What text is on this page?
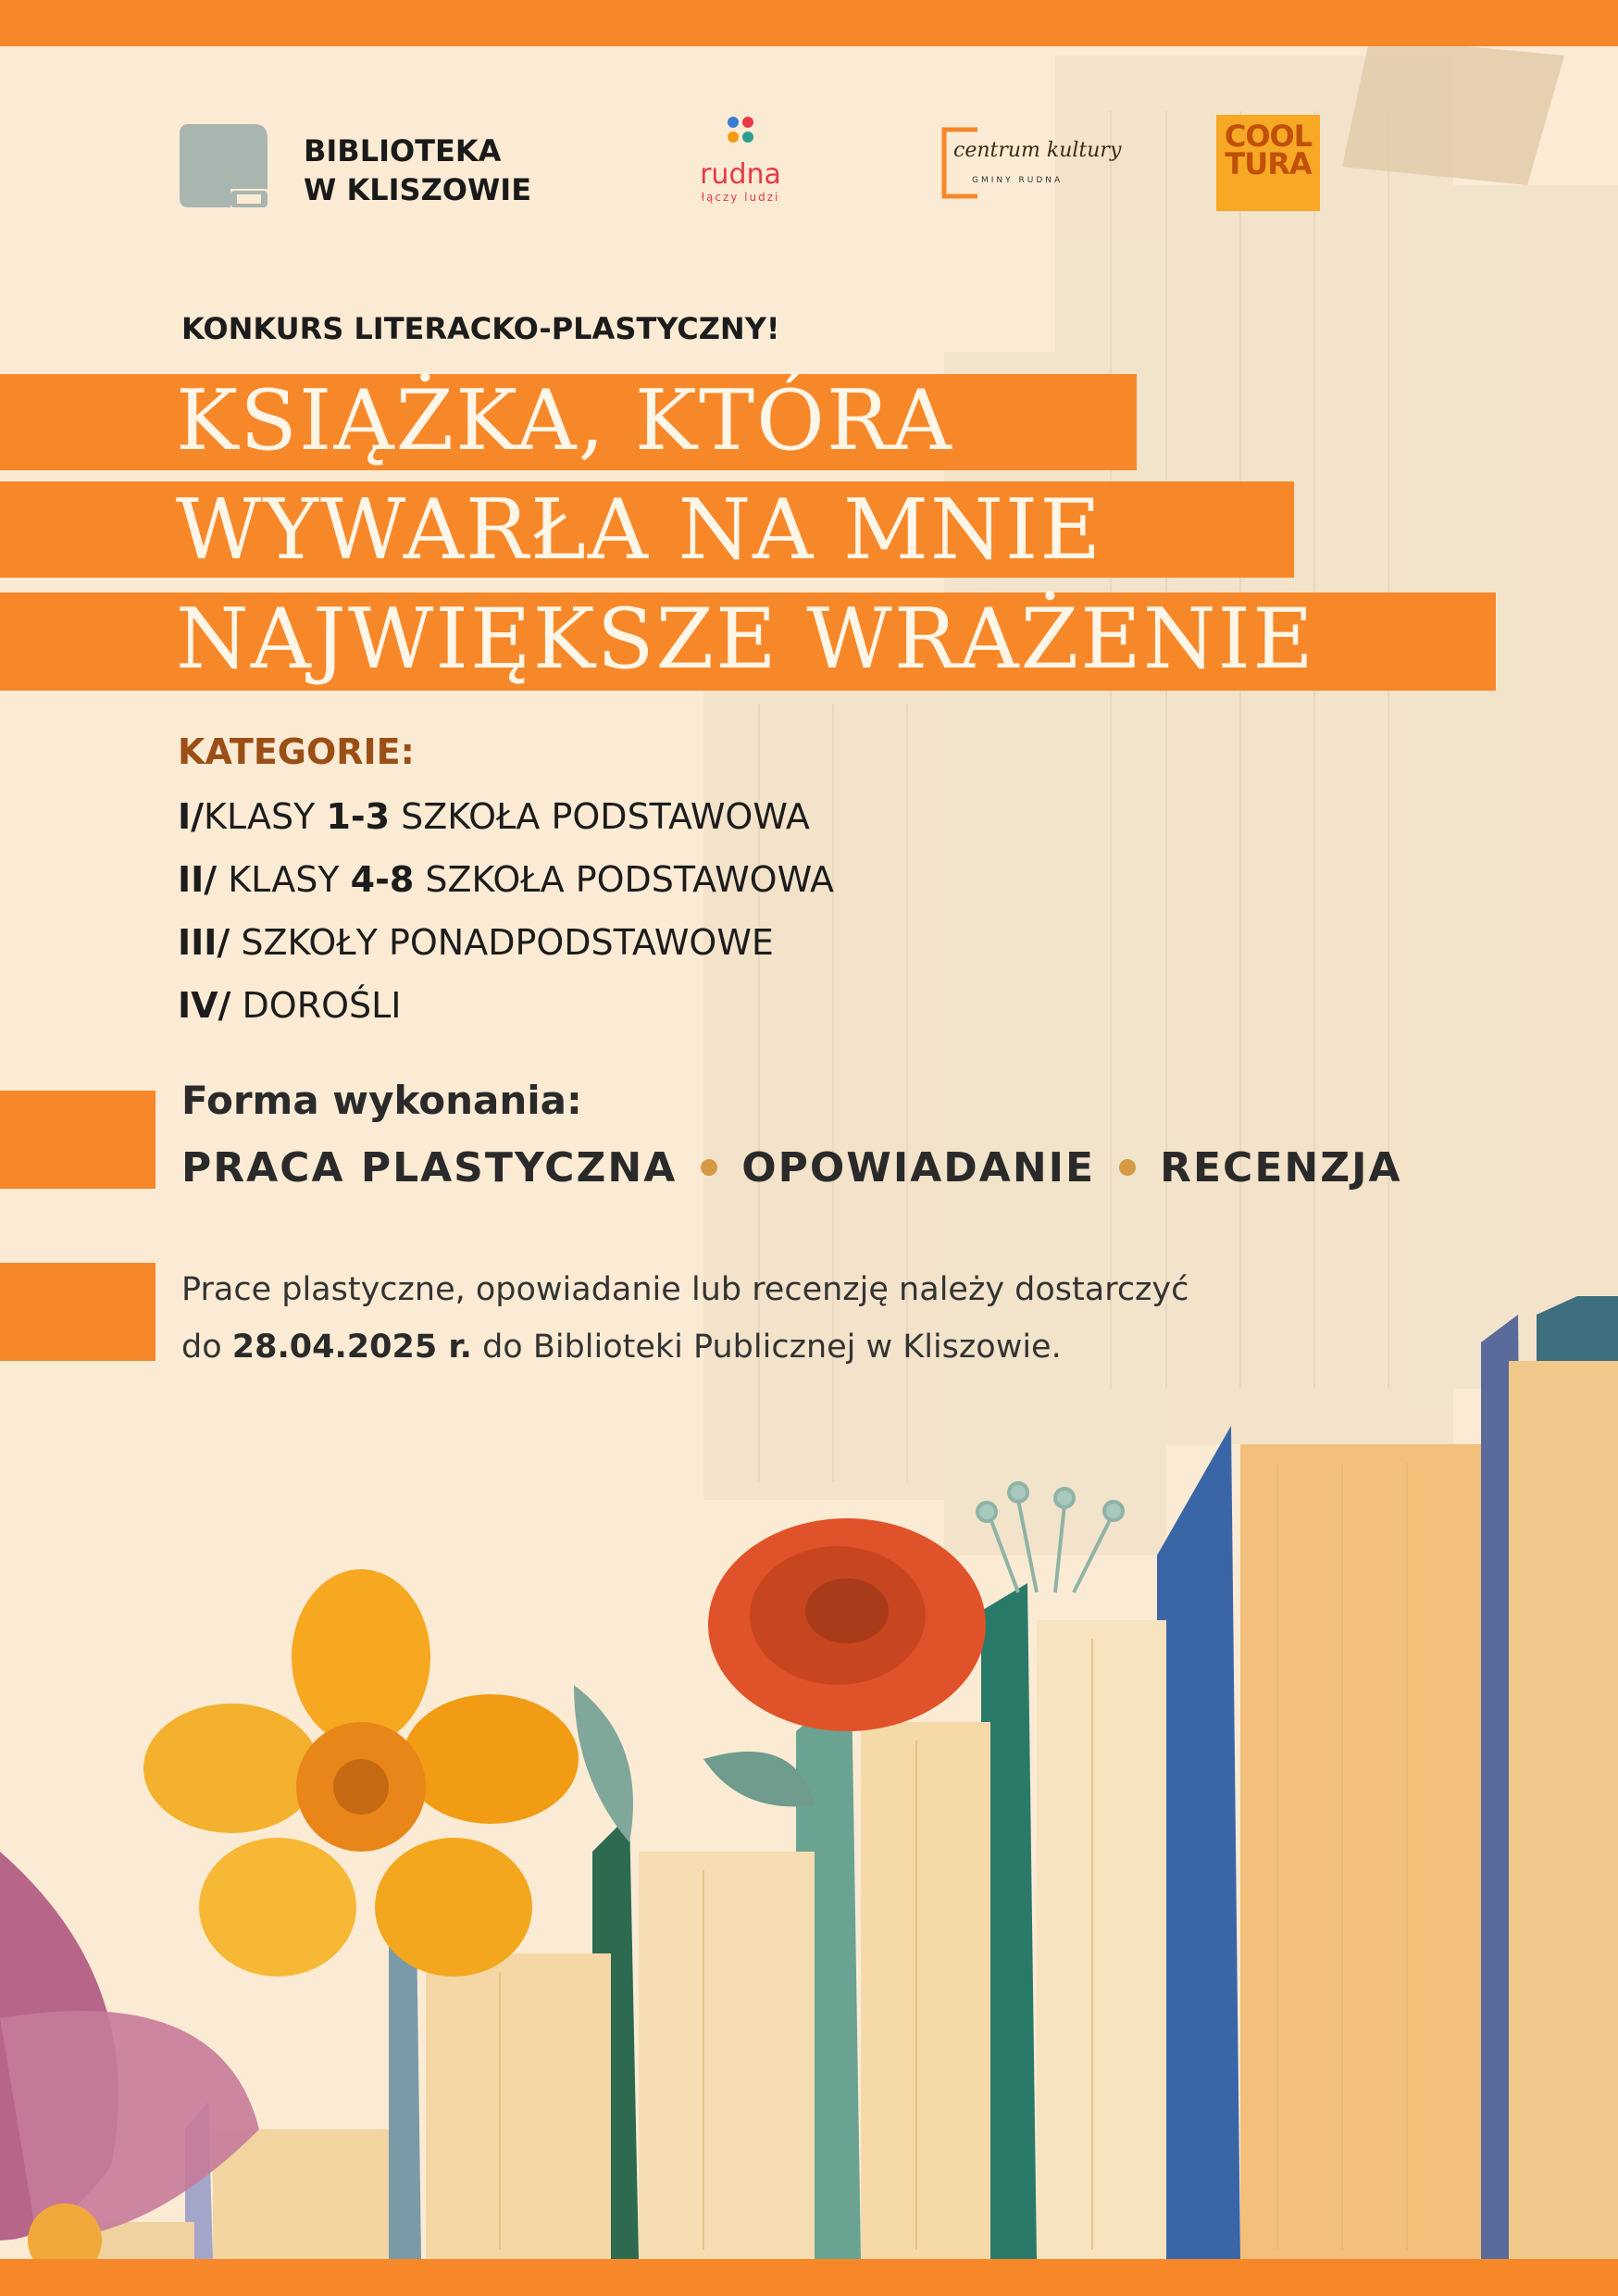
BIBLIOTEKA
W KLISZOWIE	rudna
łączy ludzi
centrum kultury
GMINY RUDNA
COOL
TURA
KONKURS LITERACKO-PLASTYCZNY!
KSIĄŻKA, KTÓRA
WYWARŁA NA MNIE
NAJWIĘKSZE WRAŻENIE
KATEGORIE:
I/KLASY 1-3 SZKOŁA PODSTAWOWA
II/ KLASY 4-8 SZKOŁA PODSTAWOWA
III/ SZKOŁY PONADPODSTAWOWE
IV/ DOROŚLI
Forma wykonania:
PRACA PLASTYCZNA OPOWIADANIE RECENZJA
Prace plastyczne, opowiadanie lub recenzję należy dostarczyć
do 28.04.2025 r. do Biblioteki Publicznej w Kliszowie.
